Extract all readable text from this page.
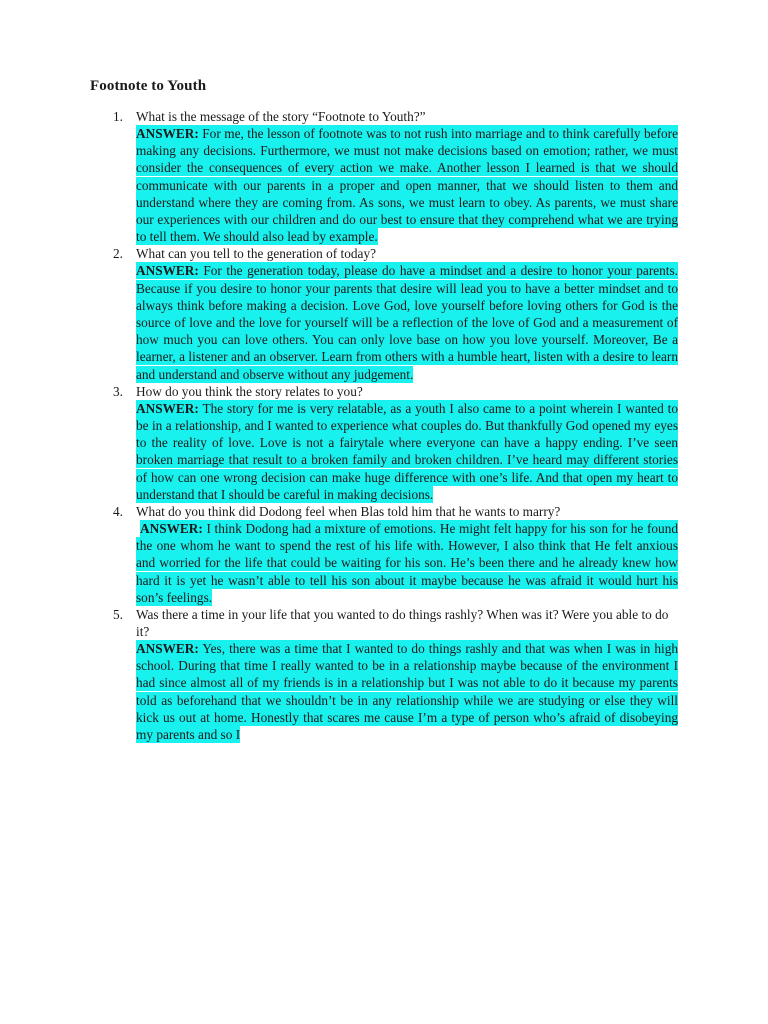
Footnote to Youth
1. What is the message of the story “Footnote to Youth?”
ANSWER: For me, the lesson of footnote was to not rush into marriage and to think carefully before making any decisions. Furthermore, we must not make decisions based on emotion; rather, we must consider the consequences of every action we make. Another lesson I learned is that we should communicate with our parents in a proper and open manner, that we should listen to them and understand where they are coming from. As sons, we must learn to obey. As parents, we must share our experiences with our children and do our best to ensure that they comprehend what we are trying to tell them. We should also lead by example.
2. What can you tell to the generation of today?
ANSWER: For the generation today, please do have a mindset and a desire to honor your parents. Because if you desire to honor your parents that desire will lead you to have a better mindset and to always think before making a decision. Love God, love yourself before loving others for God is the source of love and the love for yourself will be a reflection of the love of God and a measurement of how much you can love others. You can only love base on how you love yourself. Moreover, Be a learner, a listener and an observer. Learn from others with a humble heart, listen with a desire to learn and understand and observe without any judgement.
3. How do you think the story relates to you?
ANSWER: The story for me is very relatable, as a youth I also came to a point wherein I wanted to be in a relationship, and I wanted to experience what couples do. But thankfully God opened my eyes to the reality of love. Love is not a fairytale where everyone can have a happy ending. I’ve seen broken marriage that result to a broken family and broken children. I’ve heard may different stories of how can one wrong decision can make huge difference with one’s life. And that open my heart to understand that I should be careful in making decisions.
4. What do you think did Dodong feel when Blas told him that he wants to marry?
ANSWER: I think Dodong had a mixture of emotions. He might felt happy for his son for he found the one whom he want to spend the rest of his life with. However, I also think that He felt anxious and worried for the life that could be waiting for his son. He’s been there and he already knew how hard it is yet he wasn’t able to tell his son about it maybe because he was afraid it would hurt his son’s feelings.
5. Was there a time in your life that you wanted to do things rashly? When was it? Were you able to do it?
ANSWER: Yes, there was a time that I wanted to do things rashly and that was when I was in high school. During that time I really wanted to be in a relationship maybe because of the environment I had since almost all of my friends is in a relationship but I was not able to do it because my parents told as beforehand that we shouldn’t be in any relationship while we are studying or else they will kick us out at home. Honestly that scares me cause I’m a type of person who’s afraid of disobeying my parents and so I
